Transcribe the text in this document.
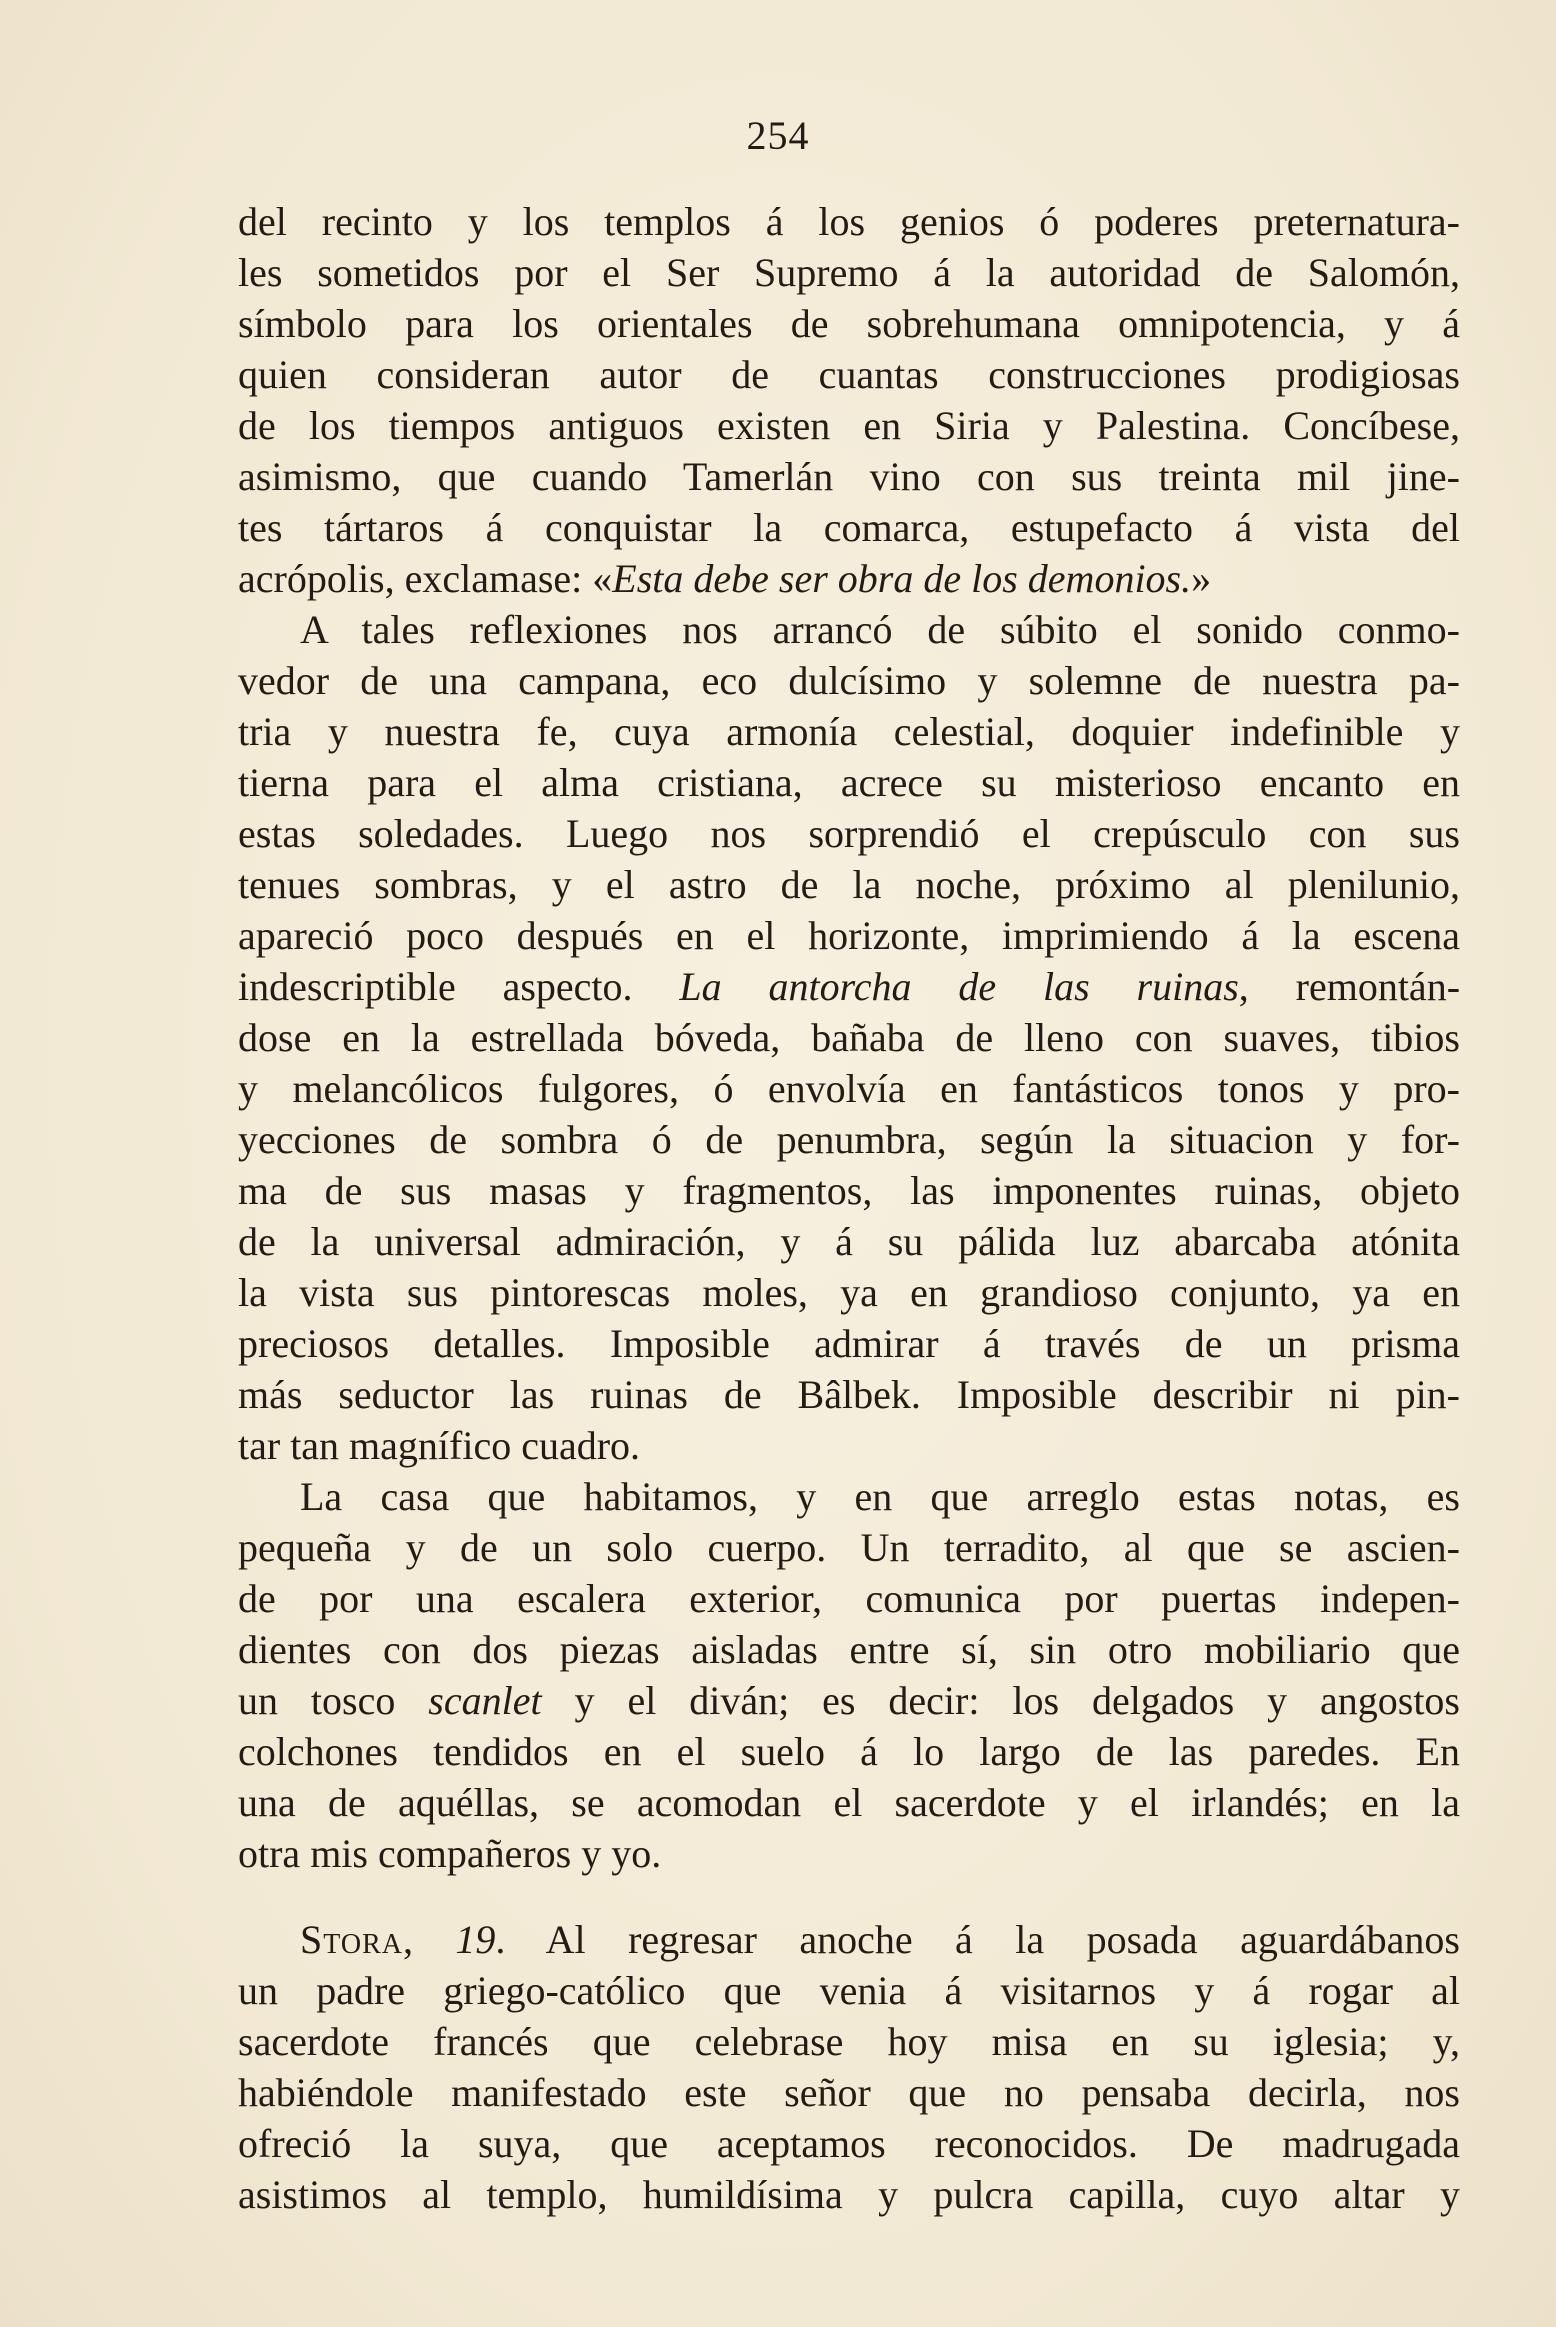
254
del recinto y los templos á los genios ó poderes preternatura-
les sometidos por el Ser Supremo á la autoridad de Salomón,
símbolo para los orientales de sobrehumana omnipotencia, y á
quien consideran autor de cuantas construcciones prodigiosas
de los tiempos antiguos existen en Siria y Palestina. Concíbese,
asimismo, que cuando Tamerlán vino con sus treinta mil jine-
tes tártaros á conquistar la comarca, estupefacto á vista del
acrópolis, exclamase: «Esta debe ser obra de los demonios.»
A tales reflexiones nos arrancó de súbito el sonido conmo-
vedor de una campana, eco dulcísimo y solemne de nuestra pa-
tria y nuestra fe, cuya armonía celestial, doquier indefinible y
tierna para el alma cristiana, acrece su misterioso encanto en
estas soledades. Luego nos sorprendió el crepúsculo con sus
tenues sombras, y el astro de la noche, próximo al plenilunio,
apareció poco después en el horizonte, imprimiendo á la escena
indescriptible aspecto. La antorcha de las ruinas, remontán-
dose en la estrellada bóveda, bañaba de lleno con suaves, tibios
y melancólicos fulgores, ó envolvía en fantásticos tonos y pro-
yecciones de sombra ó de penumbra, según la situacion y for-
ma de sus masas y fragmentos, las imponentes ruinas, objeto
de la universal admiración, y á su pálida luz abarcaba atónita
la vista sus pintorescas moles, ya en grandioso conjunto, ya en
preciosos detalles. Imposible admirar á través de un prisma
más seductor las ruinas de Bâlbek. Imposible describir ni pin-
tar tan magnífico cuadro.
La casa que habitamos, y en que arreglo estas notas, es
pequeña y de un solo cuerpo. Un terradito, al que se ascien-
de por una escalera exterior, comunica por puertas indepen-
dientes con dos piezas aisladas entre sí, sin otro mobiliario que
un tosco scanlet y el diván; es decir: los delgados y angostos
colchones tendidos en el suelo á lo largo de las paredes. En
una de aquéllas, se acomodan el sacerdote y el irlandés; en la
otra mis compañeros y yo.
Stora, 19. Al regresar anoche á la posada aguardábanos
un padre griego-católico que venia á visitarnos y á rogar al
sacerdote francés que celebrase hoy misa en su iglesia; y,
habiéndole manifestado este señor que no pensaba decirla, nos
ofreció la suya, que aceptamos reconocidos. De madrugada
asistimos al templo, humildísima y pulcra capilla, cuyo altar y
